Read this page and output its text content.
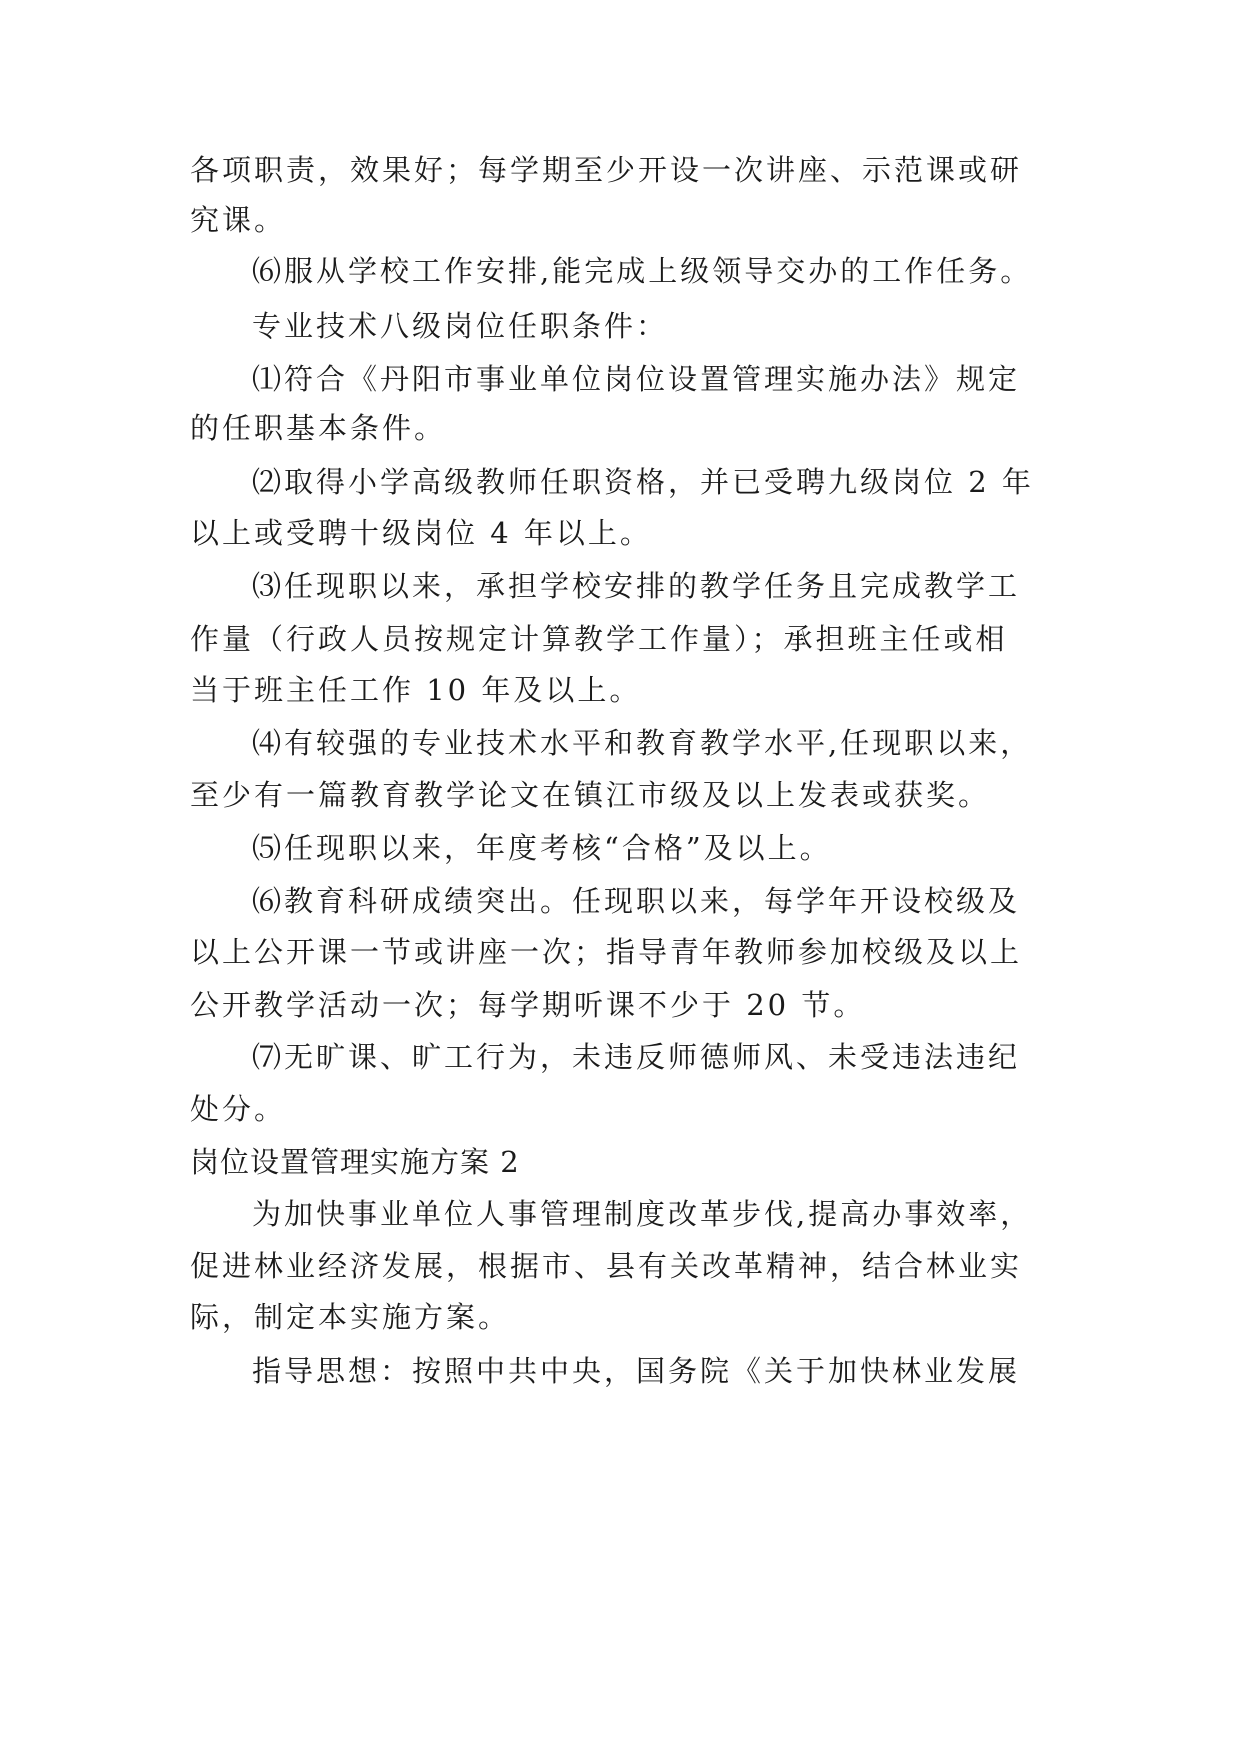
各项职责，效果好；每学期至少开设一次讲座、示范课或研

究课。

⑹服从学校工作安排,能完成上级领导交办的工作任务。

专业技术八级岗位任职条件：

⑴符合《丹阳市事业单位岗位设置管理实施办法》规定

的任职基本条件。

⑵取得小学高级教师任职资格，并已受聘九级岗位 2 年

以上或受聘十级岗位 4 年以上。

⑶任现职以来，承担学校安排的教学任务且完成教学工

作量（行政人员按规定计算教学工作量）；承担班主任或相

当于班主任工作 10 年及以上。

⑷有较强的专业技术水平和教育教学水平,任现职以来，

至少有一篇教育教学论文在镇江市级及以上发表或获奖。

⑸任现职以来，年度考核“合格”及以上。

⑹教育科研成绩突出。任现职以来，每学年开设校级及

以上公开课一节或讲座一次；指导青年教师参加校级及以上

公开教学活动一次；每学期听课不少于 20 节。

⑺无旷课、旷工行为，未违反师德师风、未受违法违纪

处分。

岗位设置管理实施方案 2

为加快事业单位人事管理制度改革步伐,提高办事效率，

促进林业经济发展，根据市、县有关改革精神，结合林业实

际，制定本实施方案。

指导思想：按照中共中央，国务院《关于加快林业发展
